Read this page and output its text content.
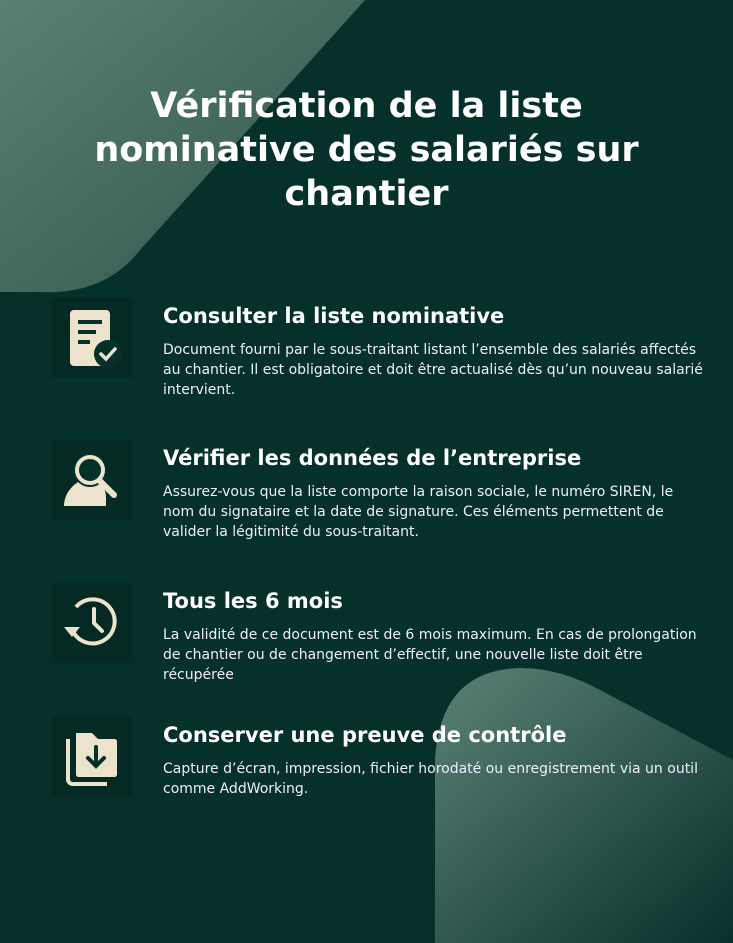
Vérification de la liste nominative des salariés sur chantier
Consulter la liste nominative
Document fourni par le sous-traitant listant l’ensemble des salariés affectés au chantier. Il est obligatoire et doit être actualisé dès qu’un nouveau salarié intervient.
Vérifier les données de l’entreprise
Assurez-vous que la liste comporte la raison sociale, le numéro SIREN, le nom du signataire et la date de signature. Ces éléments permettent de valider la légitimité du sous-traitant.
Tous les 6 mois
La validité de ce document est de 6 mois maximum. En cas de prolongation de chantier ou de changement d’effectif, une nouvelle liste doit être récupérée
Conserver une preuve de contrôle
Capture d’écran, impression, fichier horodaté ou enregistrement via un outil comme AddWorking.
